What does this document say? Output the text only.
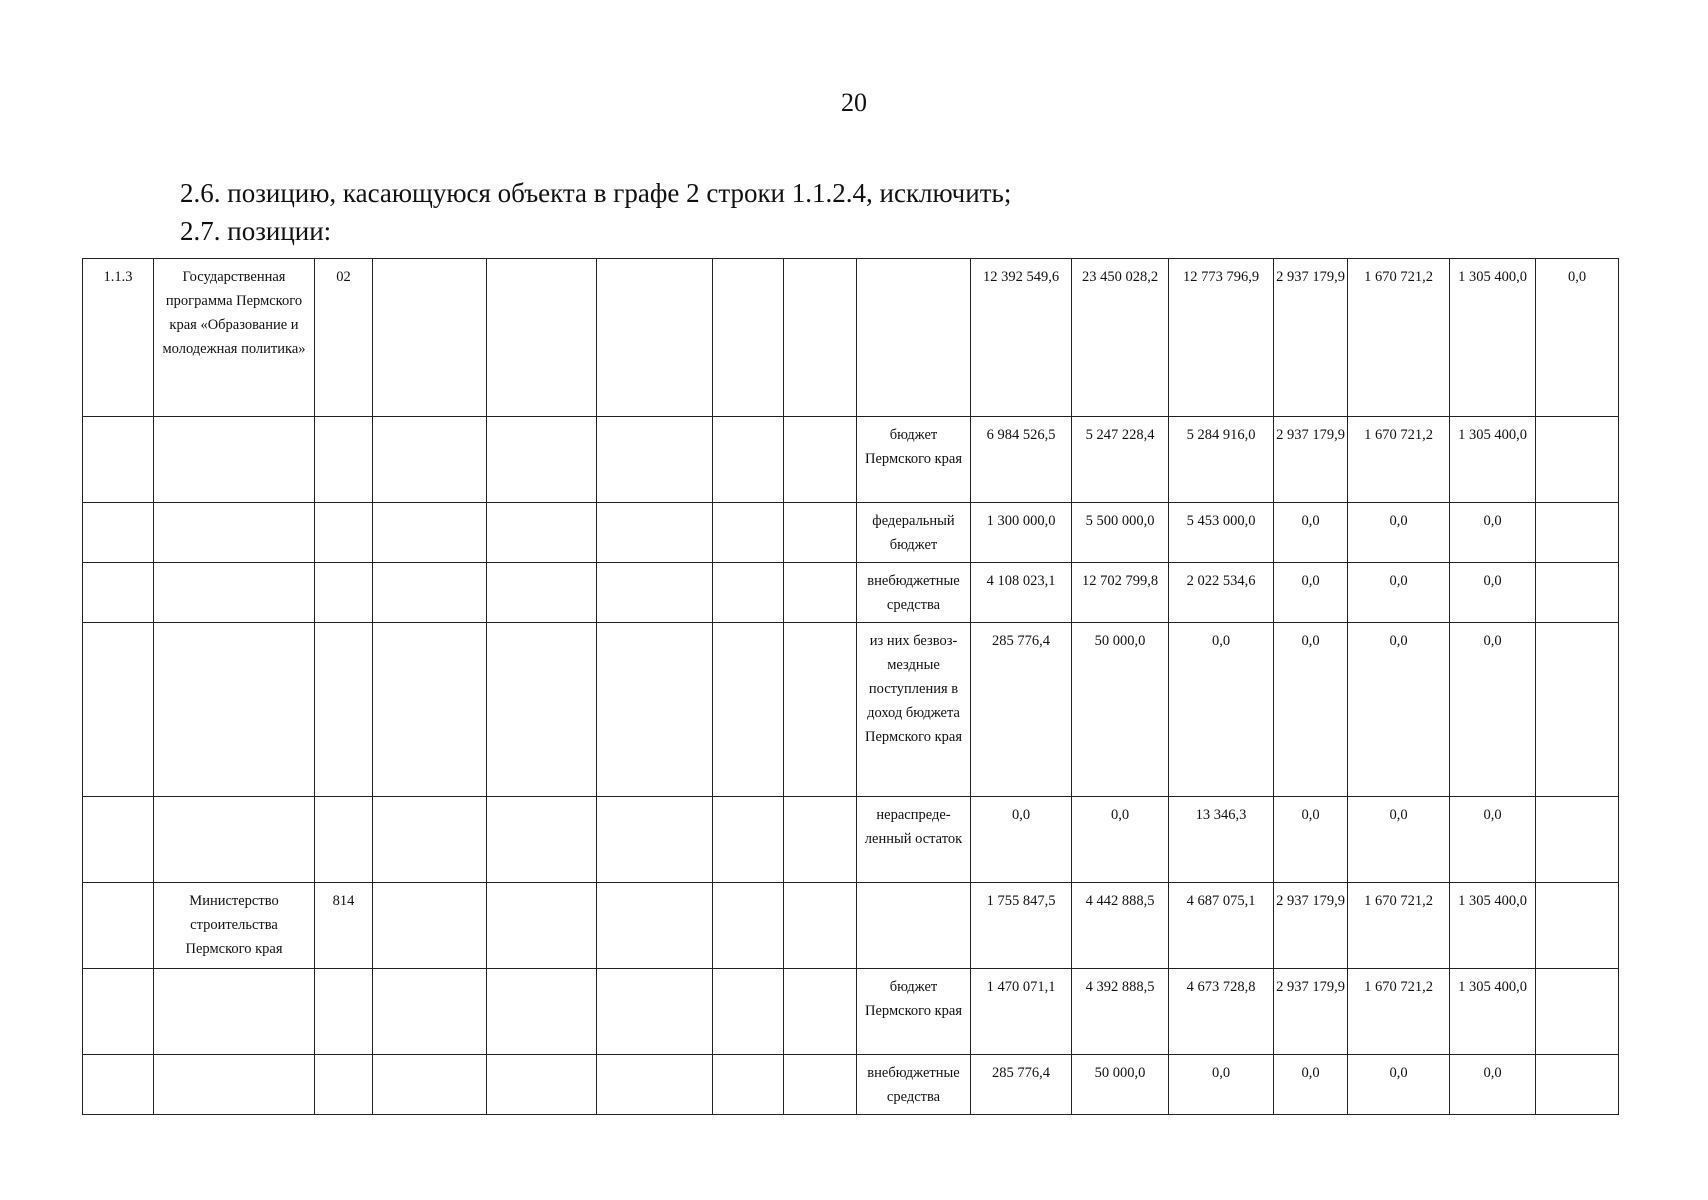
20
2.6. позицию, касающуюся объекта в графе 2 строки 1.1.2.4, исключить;
2.7. позиции:
1.1.3	Государственная программа Пермского края «Образование и молодежная политика»	02							12 392 549,6	23 450 028,2	12 773 796,9	2 937 179,9	1 670 721,2	1 305 400,0	0,0
								бюджет Пермского края	6 984 526,5	5 247 228,4	5 284 916,0	2 937 179,9	1 670 721,2	1 305 400,0	
								федеральный бюджет	1 300 000,0	5 500 000,0	5 453 000,0	0,0	0,0	0,0	
								внебюджетные средства	4 108 023,1	12 702 799,8	2 022 534,6	0,0	0,0	0,0	
								из них безвоз-мездные поступления в доход бюджета Пермского края	285 776,4	50 000,0	0,0	0,0	0,0	0,0	
								нераспреде-ленный остаток	0,0	0,0	13 346,3	0,0	0,0	0,0	
	Министерство строительства Пермского края	814							1 755 847,5	4 442 888,5	4 687 075,1	2 937 179,9	1 670 721,2	1 305 400,0	
								бюджет Пермского края	1 470 071,1	4 392 888,5	4 673 728,8	2 937 179,9	1 670 721,2	1 305 400,0	
								внебюджетные средства	285 776,4	50 000,0	0,0	0,0	0,0	0,0	
